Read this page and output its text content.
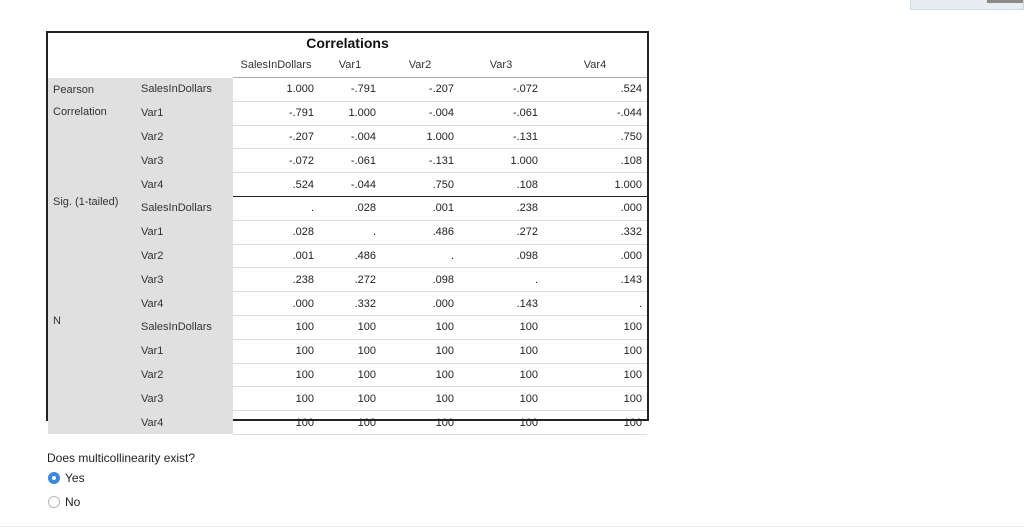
Correlations						
		SalesInDollars	Var1	Var2	Var3	Var4
Pearson Correlation	SalesInDollars	1.000	-.791	-.207	-.072	.524
	Var1	-.791	1.000	-.004	-.061	-.044
	Var2	-.207	-.004	1.000	-.131	.750
	Var3	-.072	-.061	-.131	1.000	.108
	Var4	.524	-.044	.750	.108	1.000
Sig. (1-tailed)	SalesInDollars	.	.028	.001	.238	.000
	Var1	.028	.	.486	.272	.332
	Var2	.001	.486	.	.098	.000
	Var3	.238	.272	.098	.	.143
	Var4	.000	.332	.000	.143	.
N	SalesInDollars	100	100	100	100	100
	Var1	100	100	100	100	100
	Var2	100	100	100	100	100
	Var3	100	100	100	100	100
	Var4	100	100	100	100	100
Does multicollinearity exist?
Yes
No
